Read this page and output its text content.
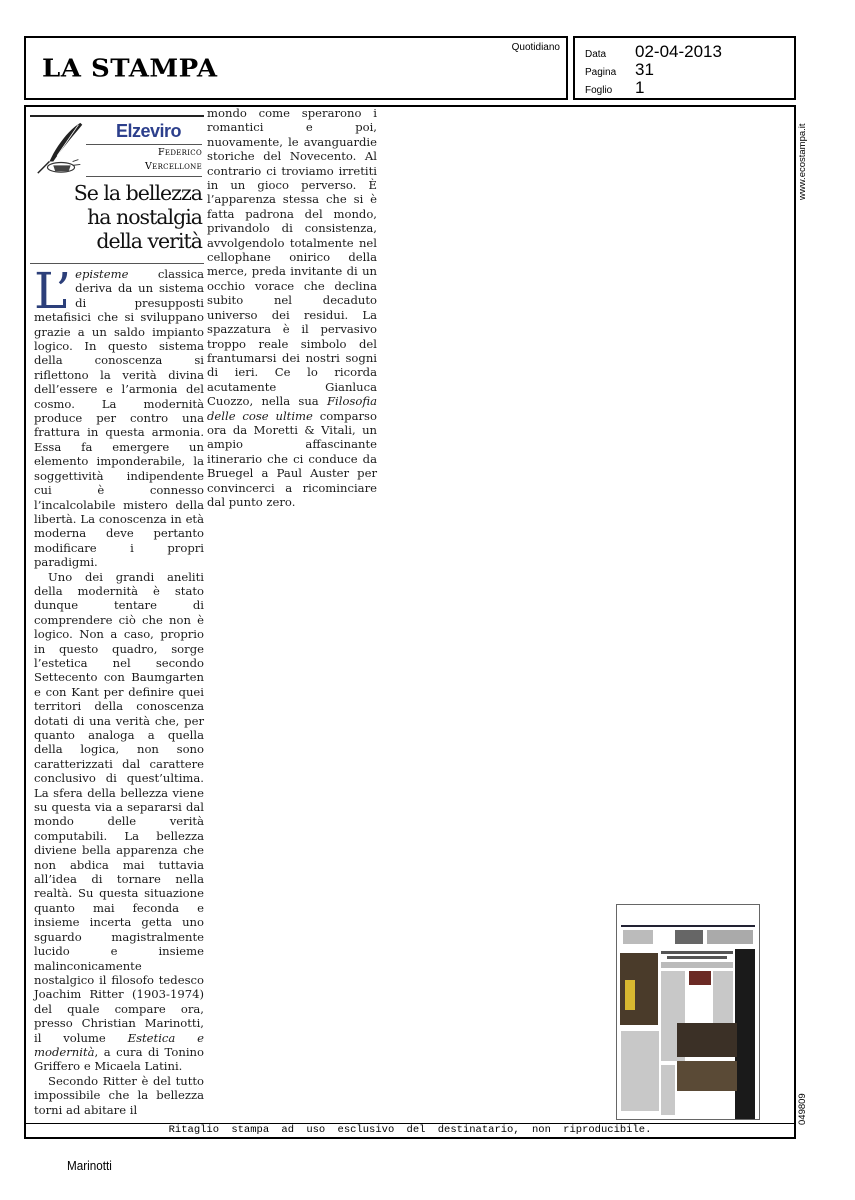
LA STAMPA
Quotidiano
Data	02-04-2013
Pagina	31
Foglio	1
Elzeviro
Federico
Vercellone
Se la bellezza
ha nostalgia
della verità

L’ episteme classica deriva da un sistema di presupposti metafisici che si sviluppano grazie a un saldo impianto logico. In questo sistema della conoscenza si riflettono la verità divina dell’essere e l’armonia del cosmo. La modernità produce per contro una frattura in questa armonia. Essa fa emergere un elemento imponderabile, la soggettività indipendente cui è connesso l’incalcolabile mistero della libertà. La conoscenza in età moderna deve pertanto modificare i propri paradigmi.

Uno dei grandi aneliti della modernità è stato dunque tentare di comprendere ciò che non è logico. Non a caso, proprio in questo quadro, sorge l’estetica nel secondo Settecento con Baumgarten e con Kant per definire quei territori della conoscenza dotati di una verità che, per quanto analoga a quella della logica, non sono caratterizzati dal carattere conclusivo di quest’ultima. La sfera della bellezza viene su questa via a separarsi dal mondo delle verità computabili. La bellezza diviene bella apparenza che non abdica mai tuttavia all’idea di tornare nella realtà. Su questa situazione quanto mai feconda e insieme incerta getta uno sguardo magistralmente lucido e insieme malinconicamente nostalgico il filosofo tedesco Joachim Ritter (1903-1974) del quale compare ora, presso Christian Marinotti, il volume Estetica e modernità, a cura di Tonino Griffero e Micaela Latini.

Secondo Ritter è del tutto impossibile che la bellezza torni ad abitare il

mondo come sperarono i romantici e poi, nuovamente, le avanguardie storiche del Novecento. Al contrario ci troviamo irretiti in un gioco perverso. È l’apparenza stessa che si è fatta padrona del mondo, privandolo di consistenza, avvolgendolo totalmente nel cellophane onirico della merce, preda invitante di un occhio vorace che declina subito nel decaduto universo dei residui. La spazzatura è il pervasivo troppo reale simbolo del frantumarsi dei nostri sogni di ieri. Ce lo ricorda acutamente Gianluca Cuozzo, nella sua Filosofia delle cose ultime comparso ora da Moretti & Vitali, un ampio affascinante itinerario che ci conduce da Bruegel a Paul Auster per convincerci a ricominciare dal punto zero.

Ritaglio stampa ad uso esclusivo del destinatario, non riproducibile.
www.ecostampa.it
049809
Marinotti
